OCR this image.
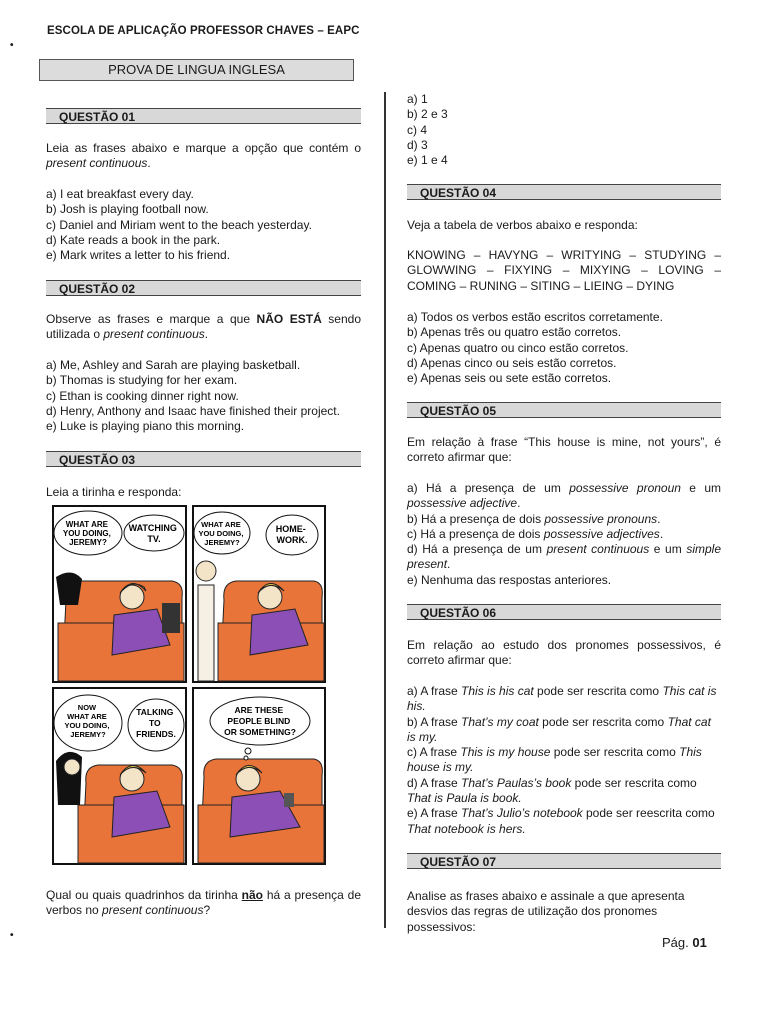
•
•
ESCOLA DE APLICAÇÃO PROFESSOR CHAVES – EAPC
PROVA DE LINGUA INGLESA
QUESTÃO 01
Leia as frases abaixo e marque a opção que contém o present continuous.
a) I eat breakfast every day.
b) Josh is playing football now.
c) Daniel and Miriam went to the beach yesterday.
d) Kate reads a book in the park.
e) Mark writes a letter to his friend.
QUESTÃO 02
Observe as frases e marque a que NÃO ESTÁ sendo utilizada o present continuous.
a) Me, Ashley and Sarah are playing basketball.
b) Thomas is studying for her exam.
c) Ethan is cooking dinner right now.
d) Henry, Anthony and Isaac have finished their project.
e) Luke is playing piano this morning.
QUESTÃO 03
Leia a tirinha e responda:
WHAT ARE YOU DOING, JEREMY?
WATCHING TV.
WHAT ARE YOU DOING, JEREMY?
HOME- WORK.
NOW WHAT ARE YOU DOING, JEREMY?
TALKING TO FRIENDS.
ARE THESE PEOPLE BLIND OR SOMETHING?
Qual ou quais quadrinhos da tirinha não há a presença de verbos no present continuous?
a) 1
b) 2 e 3
c) 4
d) 3
e) 1 e 4
QUESTÃO 04
Veja a tabela de verbos abaixo e responda:
KNOWING – HAVYNG – WRITYING – STUDYING – GLOWWING – FIXYING – MIXYING – LOVING – COMING – RUNING – SITING – LIEING – DYING
a) Todos os verbos estão escritos corretamente.
b) Apenas três ou quatro estão corretos.
c) Apenas quatro ou cinco estão corretos.
d) Apenas cinco ou seis estão corretos.
e) Apenas seis ou sete estão corretos.
QUESTÃO 05
Em relação à frase “This house is mine, not yours”, é correto afirmar que:
a) Há a presença de um possessive pronoun e um possessive adjective.
b) Há a presença de dois possessive pronouns.
c) Há a presença de dois possessive adjectives.
d) Há a presença de um present continuous e um simple present.
e) Nenhuma das respostas anteriores.
QUESTÃO 06
Em relação ao estudo dos pronomes possessivos, é correto afirmar que:
a) A frase This is his cat pode ser rescrita como This cat is his.
b) A frase That’s my coat pode ser rescrita como That cat is my.
c) A frase This is my house pode ser rescrita como This house is my.
d) A frase That’s Paulas’s book pode ser rescrita como That is Paula is book.
e) A frase That’s Julio’s notebook pode ser reescrita como That notebook is hers.
QUESTÃO 07
Analise as frases abaixo e assinale a que apresenta desvios das regras de utilização dos pronomes possessivos:
Pág. 01
